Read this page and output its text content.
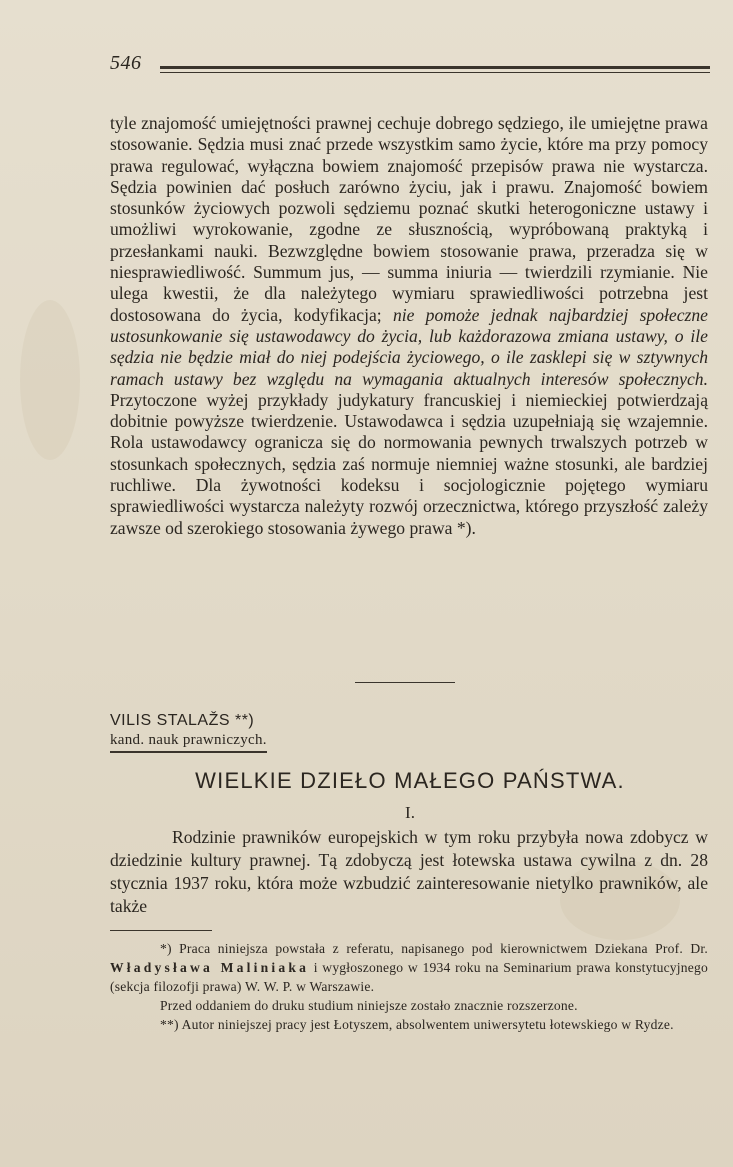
546

tyle znajomość umiejętności prawnej cechuje dobrego sędziego, ile umiejętne prawa stosowanie. Sędzia musi znać przede wszystkim samo życie, które ma przy pomocy prawa regulować, wyłączna bowiem znajomość przepisów prawa nie wystarcza. Sędzia powinien dać posłuch zarówno życiu, jak i prawu. Znajomość bowiem stosunków życiowych pozwoli sędziemu poznać skutki heterogoniczne ustawy i umożliwi wyrokowanie, zgodne ze słusznością, wypróbowaną praktyką i przesłankami nauki. Bezwzględne bowiem stosowanie prawa, przeradza się w niesprawiedliwość. Summum jus, — summa iniuria — twierdzili rzymianie. Nie ulega kwestii, że dla należytego wymiaru sprawiedliwości potrzebna jest dostosowana do życia, kodyfikacja; nie pomoże jednak najbardziej społeczne ustosunkowanie się ustawodawcy do życia, lub każdorazowa zmiana ustawy, o ile sędzia nie będzie miał do niej podejścia życiowego, o ile zasklepi się w sztywnych ramach ustawy bez względu na wymagania aktualnych interesów społecznych. Przytoczone wyżej przykłady judykatury francuskiej i niemieckiej potwierdzają dobitnie powyższe twierdzenie. Ustawodawca i sędzia uzupełniają się wzajemnie. Rola ustawodawcy ogranicza się do normowania pewnych trwalszych potrzeb w stosunkach społecznych, sędzia zaś normuje niemniej ważne stosunki, ale bardziej ruchliwe. Dla żywotności kodeksu i socjologicznie pojętego wymiaru sprawiedliwości wystarcza należyty rozwój orzecznictwa, którego przyszłość zależy zawsze od szerokiego stosowania żywego prawa *).

VILIS STALAŽS **)
kand. nauk prawniczych.
WIELKIE DZIEŁO MAŁEGO PAŃSTWA.
I.
Rodzinie prawników europejskich w tym roku przybyła nowa zdobycz w dziedzinie kultury prawnej. Tą zdobyczą jest łotewska ustawa cywilna z dn. 28 stycznia 1937 roku, która może wzbudzić zainteresowanie nietylko prawników, ale także

*) Praca niniejsza powstała z referatu, napisanego pod kierownictwem Dziekana Prof. Dr. Władysława Maliniaka i wygłoszonego w 1934 roku na Seminarium prawa konstytucyjnego (sekcja filozofji prawa) W. W. P. w Warszawie.

Przed oddaniem do druku studium niniejsze zostało znacznie rozszerzone.

**) Autor niniejszej pracy jest Łotyszem, absolwentem uniwersytetu łotewskiego w Rydze.
